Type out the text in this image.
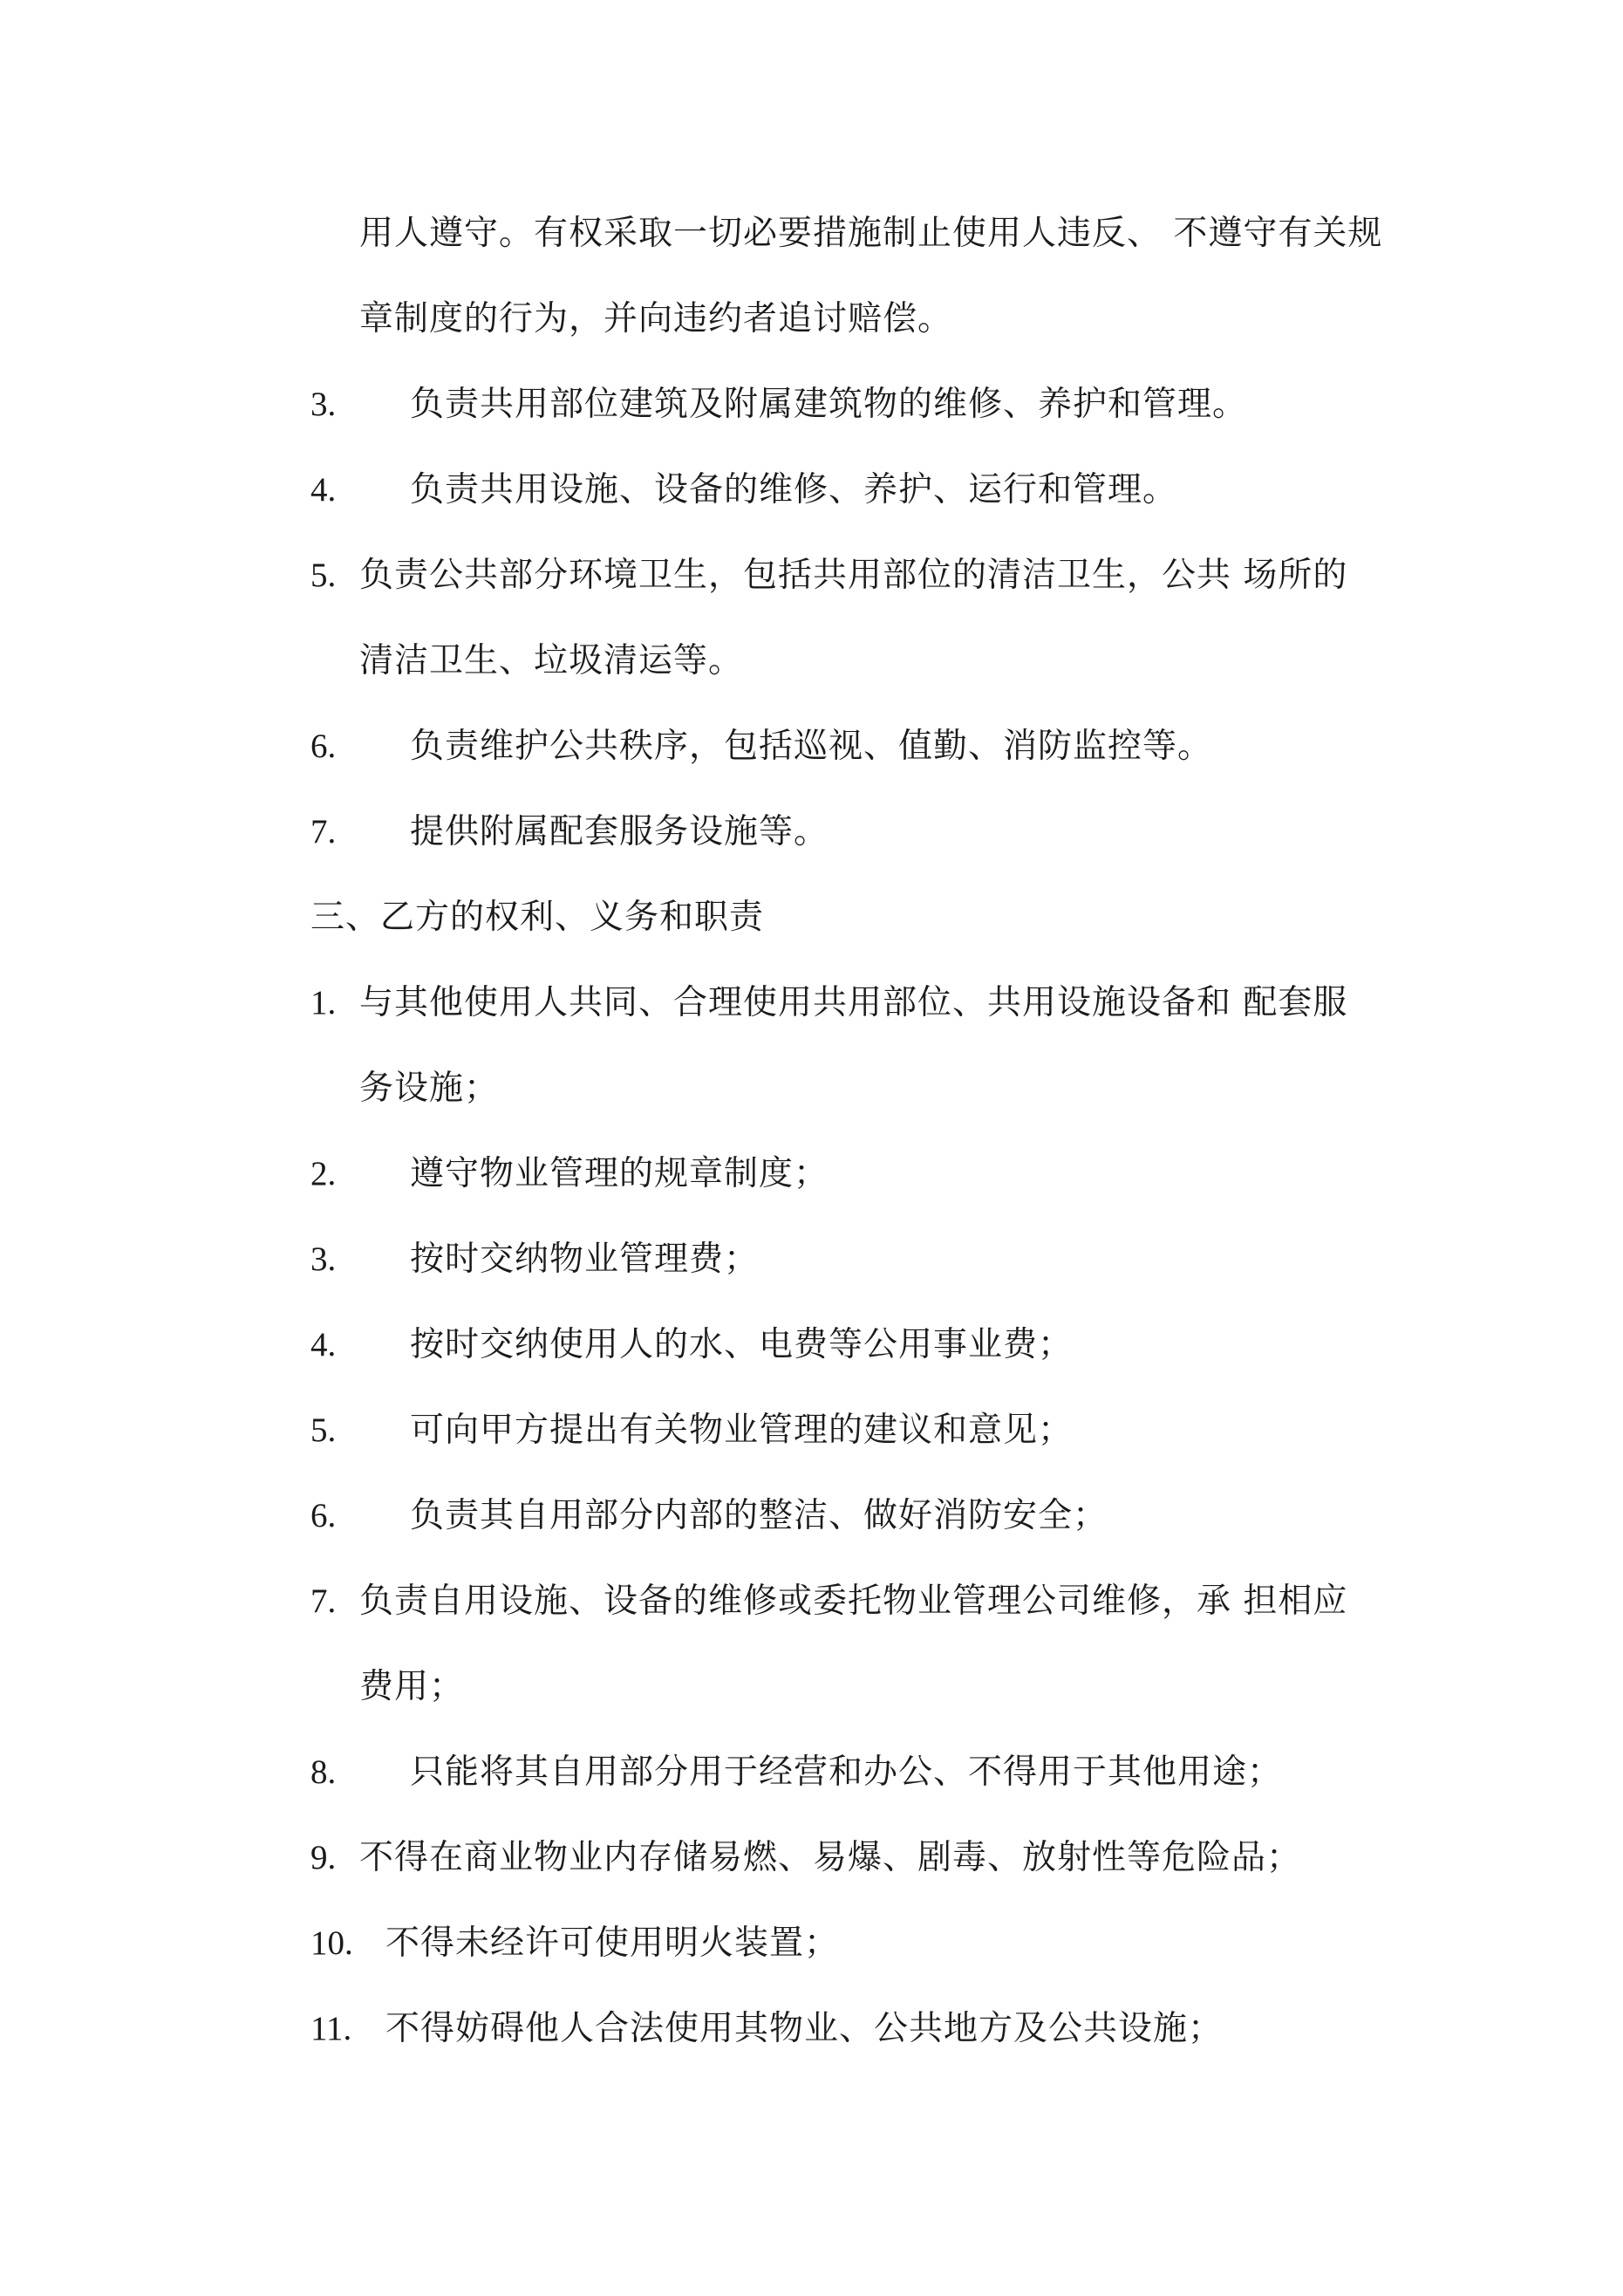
用人遵守。有权采取一切必要措施制止使用人违反、 不遵守有关规
章制度的行为，并向违约者追讨赔偿。
3. 负责共用部位建筑及附属建筑物的维修、养护和管理。
4. 负责共用设施、设备的维修、养护、运行和管理。
5. 负责公共部分环境卫生，包括共用部位的清洁卫生，公共 场所的
清洁卫生、垃圾清运等。
6. 负责维护公共秩序，包括巡视、值勤、消防监控等。
7. 提供附属配套服务设施等。
三、乙方的权利、义务和职责
1. 与其他使用人共同、合理使用共用部位、共用设施设备和 配套服
务设施；
2. 遵守物业管理的规章制度；
3. 按时交纳物业管理费；
4. 按时交纳使用人的水、电费等公用事业费；
5. 可向甲方提出有关物业管理的建议和意见；
6. 负责其自用部分内部的整洁、做好消防安全；
7. 负责自用设施、设备的维修或委托物业管理公司维修，承 担相应
费用；
8. 只能将其自用部分用于经营和办公、不得用于其他用途；
9. 不得在商业物业内存储易燃、易爆、剧毒、放射性等危险品；
10. 不得未经许可使用明火装置；
11. 不得妨碍他人合法使用其物业、公共地方及公共设施；
